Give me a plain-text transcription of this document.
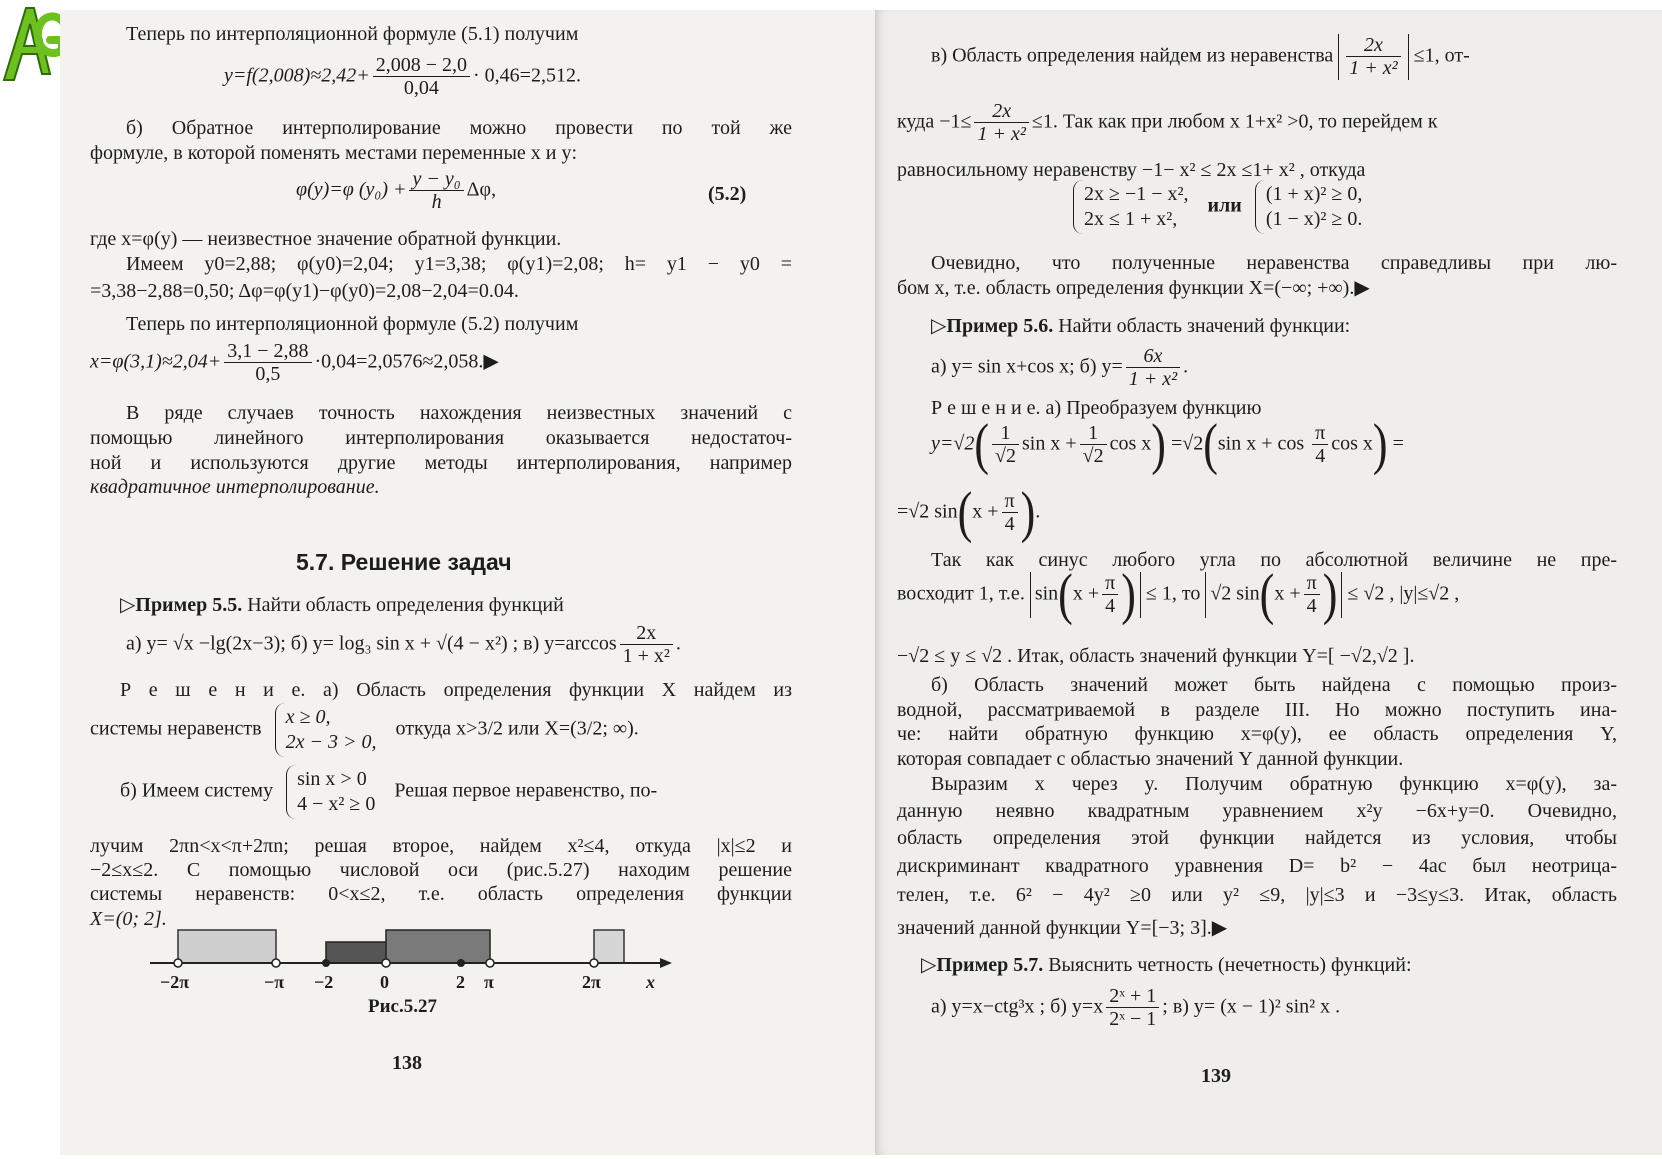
Теперь по интерполяционной формуле (5.1) получим
$y=f(2,008)\approx 2,42+ \frac{2,008 - 2,0}{0,04} \cdot 0,46=2,512$.
б) Обратное интерполирование можно провести по той же
формуле, в которой поменять местами переменные x и y:
φ(y)=φ $(y_0) + \frac{\text{y − y₀}}{h} \Delta\varphi$,	(5.2)
где x=φ(y) — неизвестное значение обратной функции.
Имеем y0=2,88; φ(y0)=2,04; y1=3,38; φ(y1)=2,08; h= y1 − y0 =
=3,38−2,88=0,50; Δφ=φ(y1)−φ(y0)=2,08−2,04=0.04.
Теперь по интерполяционной формуле (5.2) получим
$x=\varphi(3,1)\approx 2,04+ \frac{3,1 - 2,88}{0,5}$ ·0,04=2,0576≈2,058.▶
В ряде случаев точность нахождения неизвестных значений с
помощью линейного интерполирования оказывается недостаточ-
ной и используются другие методы интерполирования, например
квадратичное интерполирование.
5.7. Решение задач
▷Пример 5.5. Найти область определения функций
а) y= √x −lg(2x−3); б) y= log₃ sin x + √(4 − x²) ; в) $y=\arccos \frac{2x}{\text{1 + x²}}$ .
Р е ш е н и е. а) Область определения функции X найдем из
системы неравенств
x ≥ 0,
2x − 3 > 0,
откуда x>3/2 или X=(3/2; ∞).
б) Имеем систему
sin x > 0
4 − x² ≥ 0
Решая первое неравенство, по-
лучим 2πn<x<π+2πn; решая второе, найдем x²≤4, откуда |x|≤2 и
−2≤x≤2. С помощью числовой оси (рис.5.27) находим решение
системы неравенств: 0<x≤2, т.е. область определения функции
X=(0; 2].
−2π	−π −2	0	2 π	2π	x
Рис.5.27
138
в) Область определения найдем из неравенства $\frac{2x}{\text{1 + x²}} \le 1$, от-
куда $-1\le \frac{2x}{\text{1 + x²}} \le 1$. Так как при любом x 1+x² >0, то перейдем к
равносильному неравенству −1− x² ≤ 2x ≤1+ x² , откуда
2x ≥ −1 − x²,
2x ≤ 1 + x²,
или
(1 + x)² ≥ 0,
(1 − x)² ≥ 0.
Очевидно, что полученные неравенства справедливы при лю-
бом x, т.е. область определения функции X=(−∞; +∞).▶
▷Пример 5.6. Найти область значений функции:
а) y= sin x+cos x; б) $y= \frac{6x}{\text{1 + x²}}$ .
Р е ш е н и е. а) Преобразуем функцию
$y=√2( \frac{1}{√2}$ $\sin x + \frac{1}{√2}$ cos x) =√2(sin $x + \cos \frac{\pi}{4}$ cos x) =
=√2 $\sin(x + \frac{\pi}{4}$ ).
Так как синус любого угла по абсолютной величине не пре-
восходит 1, т.е. $\sin(x + \frac{\pi}{4}$ ) ≤ 1, то √2 $\sin(x + \frac{\pi}{4}$ ) ≤ √2 , |y|≤√2 ,
−√2 ≤ y ≤ √2 . Итак, область значений функции Y=[ −√2,√2 ].
б) Область значений может быть найдена с помощью произ-
водной, рассматриваемой в разделе III. Но можно поступить ина-
че: найти обратную функцию x=φ(y), ее область определения Y,
которая совпадает с областью значений Y данной функции.
Выразим x через y. Получим обратную функцию x=φ(y), за-
данную неявно квадратным уравнением x²y −6x+y=0. Очевидно,
область определения этой функции найдется из условия, чтобы
дискриминант квадратного уравнения D= b² − 4ac был неотрица-
телен, т.е. 6² − 4y² ≥0 или y² ≤9, |y|≤3 и −3≤y≤3. Итак, область
значений данной функции Y=[−3; 3].▶
▷Пример 5.7. Выяснить четность (нечетность) функций:
а) y=x−ctg³x ; б) $y=x \frac{\text{2ˣ + 1}}{\text{2ˣ − 1}}$ ; в) y= (x − 1)² sin² x .
139
